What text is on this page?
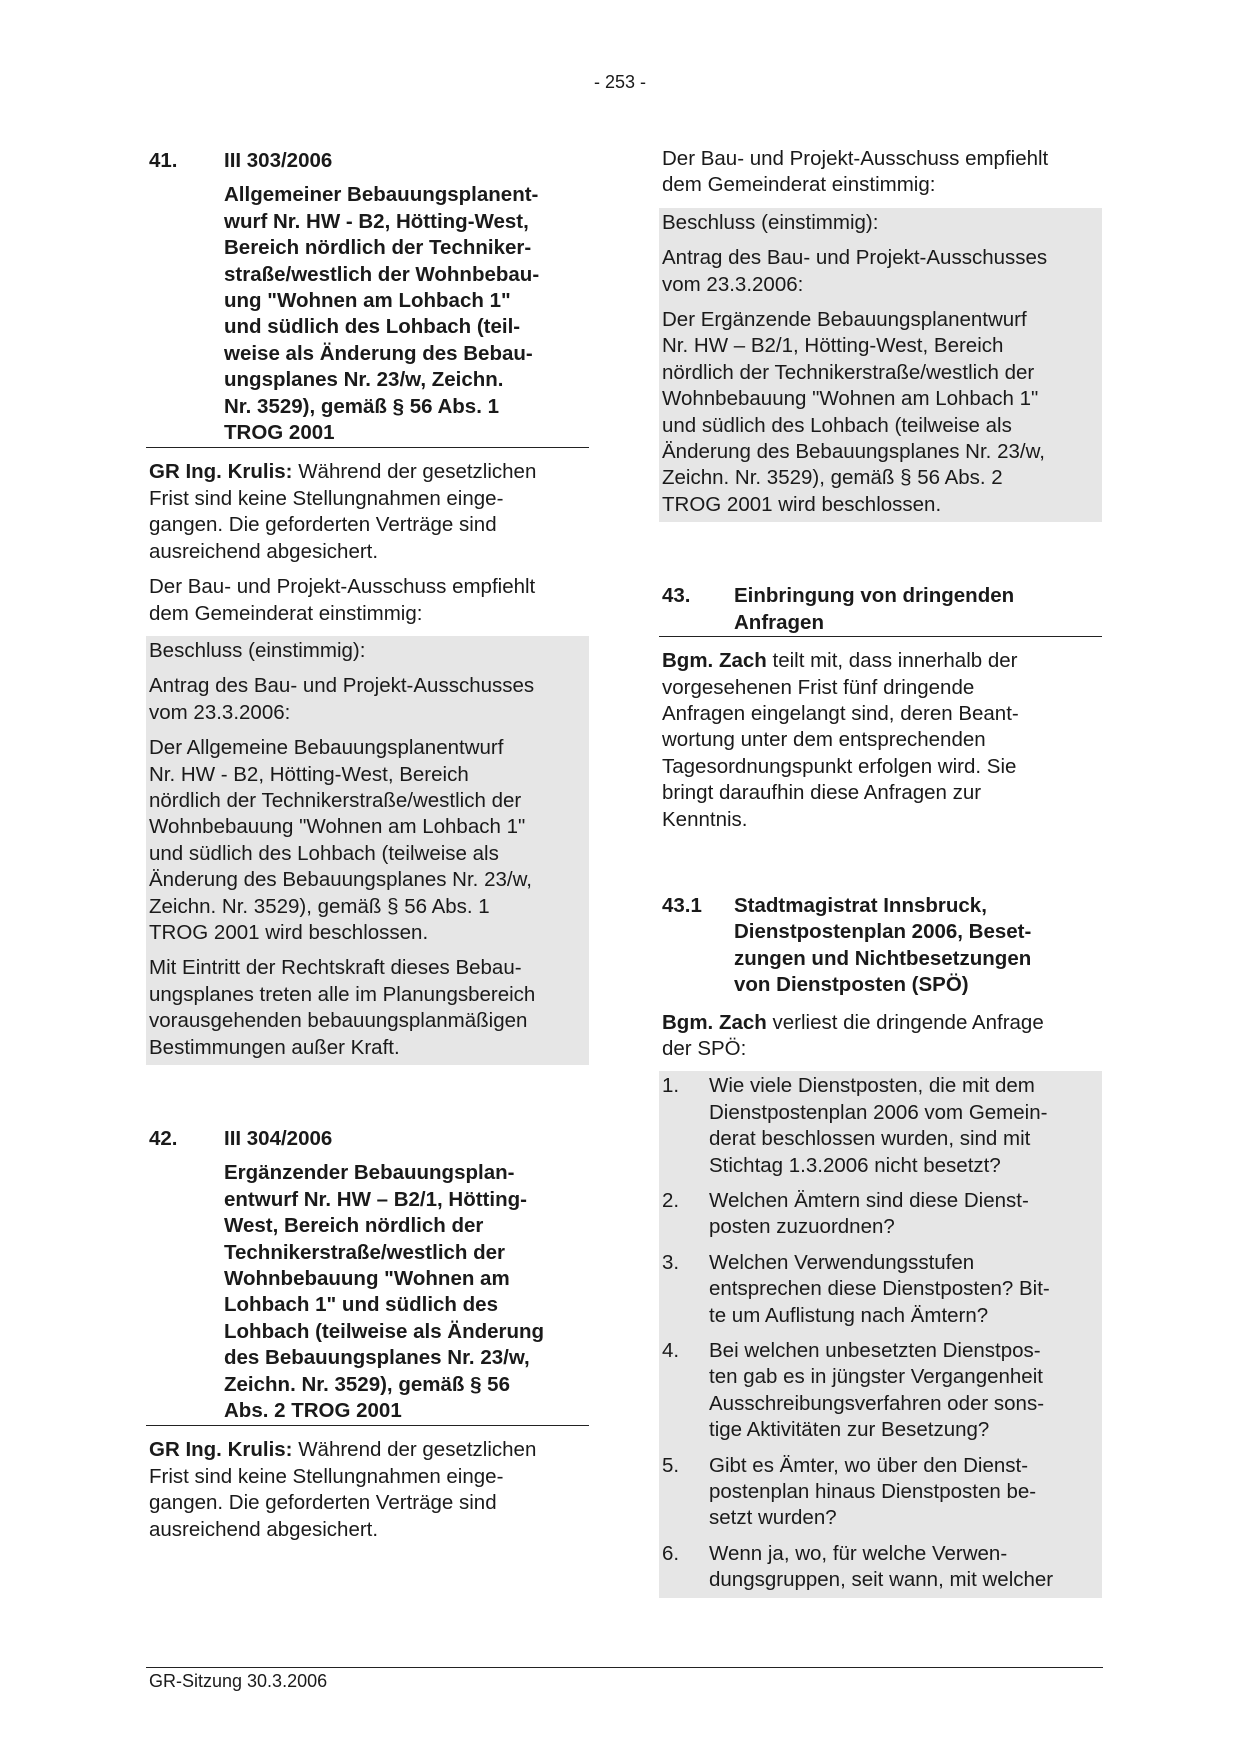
- 253 -
41.	III 303/2006
Allgemeiner Bebauungsplanent-
wurf Nr. HW - B2, Hötting-West,
Bereich nördlich der Techniker-
straße/westlich der Wohnbebau-
ung "Wohnen am Lohbach 1"
und südlich des Lohbach (teil-
weise als Änderung des Bebau-
ungsplanes Nr. 23/w, Zeichn.
Nr. 3529), gemäß § 56 Abs. 1
TROG 2001
GR Ing. Krulis: Während der gesetzlichen
Frist sind keine Stellungnahmen einge-
gangen. Die geforderten Verträge sind
ausreichend abgesichert.
Der Bau- und Projekt-Ausschuss empfiehlt
dem Gemeinderat einstimmig:

Beschluss (einstimmig):

Antrag des Bau- und Projekt-Ausschusses
vom 23.3.2006:

Der Allgemeine Bebauungsplanentwurf
Nr. HW - B2, Hötting-West, Bereich
nördlich der Technikerstraße/westlich der
Wohnbebauung "Wohnen am Lohbach 1"
und südlich des Lohbach (teilweise als
Änderung des Bebauungsplanes Nr. 23/w,
Zeichn. Nr. 3529), gemäß § 56 Abs. 1
TROG 2001 wird beschlossen.

Mit Eintritt der Rechtskraft dieses Bebau-
ungsplanes treten alle im Planungsbereich
vorausgehenden bebauungsplanmäßigen
Bestimmungen außer Kraft.

42.	III 304/2006
Ergänzender Bebauungsplan-
entwurf Nr. HW – B2/1, Hötting-
West, Bereich nördlich der
Technikerstraße/westlich der
Wohnbebauung "Wohnen am
Lohbach 1" und südlich des
Lohbach (teilweise als Änderung
des Bebauungsplanes Nr. 23/w,
Zeichn. Nr. 3529), gemäß § 56
Abs. 2 TROG 2001
GR Ing. Krulis: Während der gesetzlichen
Frist sind keine Stellungnahmen einge-
gangen. Die geforderten Verträge sind
ausreichend abgesichert.
Der Bau- und Projekt-Ausschuss empfiehlt
dem Gemeinderat einstimmig:

Beschluss (einstimmig):

Antrag des Bau- und Projekt-Ausschusses
vom 23.3.2006:

Der Ergänzende Bebauungsplanentwurf
Nr. HW – B2/1, Hötting-West, Bereich
nördlich der Technikerstraße/westlich der
Wohnbebauung "Wohnen am Lohbach 1"
und südlich des Lohbach (teilweise als
Änderung des Bebauungsplanes Nr. 23/w,
Zeichn. Nr. 3529), gemäß § 56 Abs. 2
TROG 2001 wird beschlossen.

43.	Einbringung von dringenden
Anfragen
Bgm. Zach teilt mit, dass innerhalb der
vorgesehenen Frist fünf dringende
Anfragen eingelangt sind, deren Beant-
wortung unter dem entsprechenden
Tagesordnungspunkt erfolgen wird. Sie
bringt daraufhin diese Anfragen zur
Kenntnis.
43.1	Stadtmagistrat Innsbruck,
Dienstpostenplan 2006, Beset-
zungen und Nichtbesetzungen
von Dienstposten (SPÖ)
Bgm. Zach verliest die dringende Anfrage
der SPÖ:
1.	Wie viele Dienstposten, die mit dem
Dienstpostenplan 2006 vom Gemein-
derat beschlossen wurden, sind mit
Stichtag 1.3.2006 nicht besetzt?
2.	Welchen Ämtern sind diese Dienst-
posten zuzuordnen?
3.	Welchen Verwendungsstufen
entsprechen diese Dienstposten? Bit-
te um Auflistung nach Ämtern?
4.	Bei welchen unbesetzten Dienstpos-
ten gab es in jüngster Vergangenheit
Ausschreibungsverfahren oder sons-
tige Aktivitäten zur Besetzung?
5.	Gibt es Ämter, wo über den Dienst-
postenplan hinaus Dienstposten be-
setzt wurden?
6.	Wenn ja, wo, für welche Verwen-
dungsgruppen, seit wann, mit welcher
GR-Sitzung 30.3.2006
